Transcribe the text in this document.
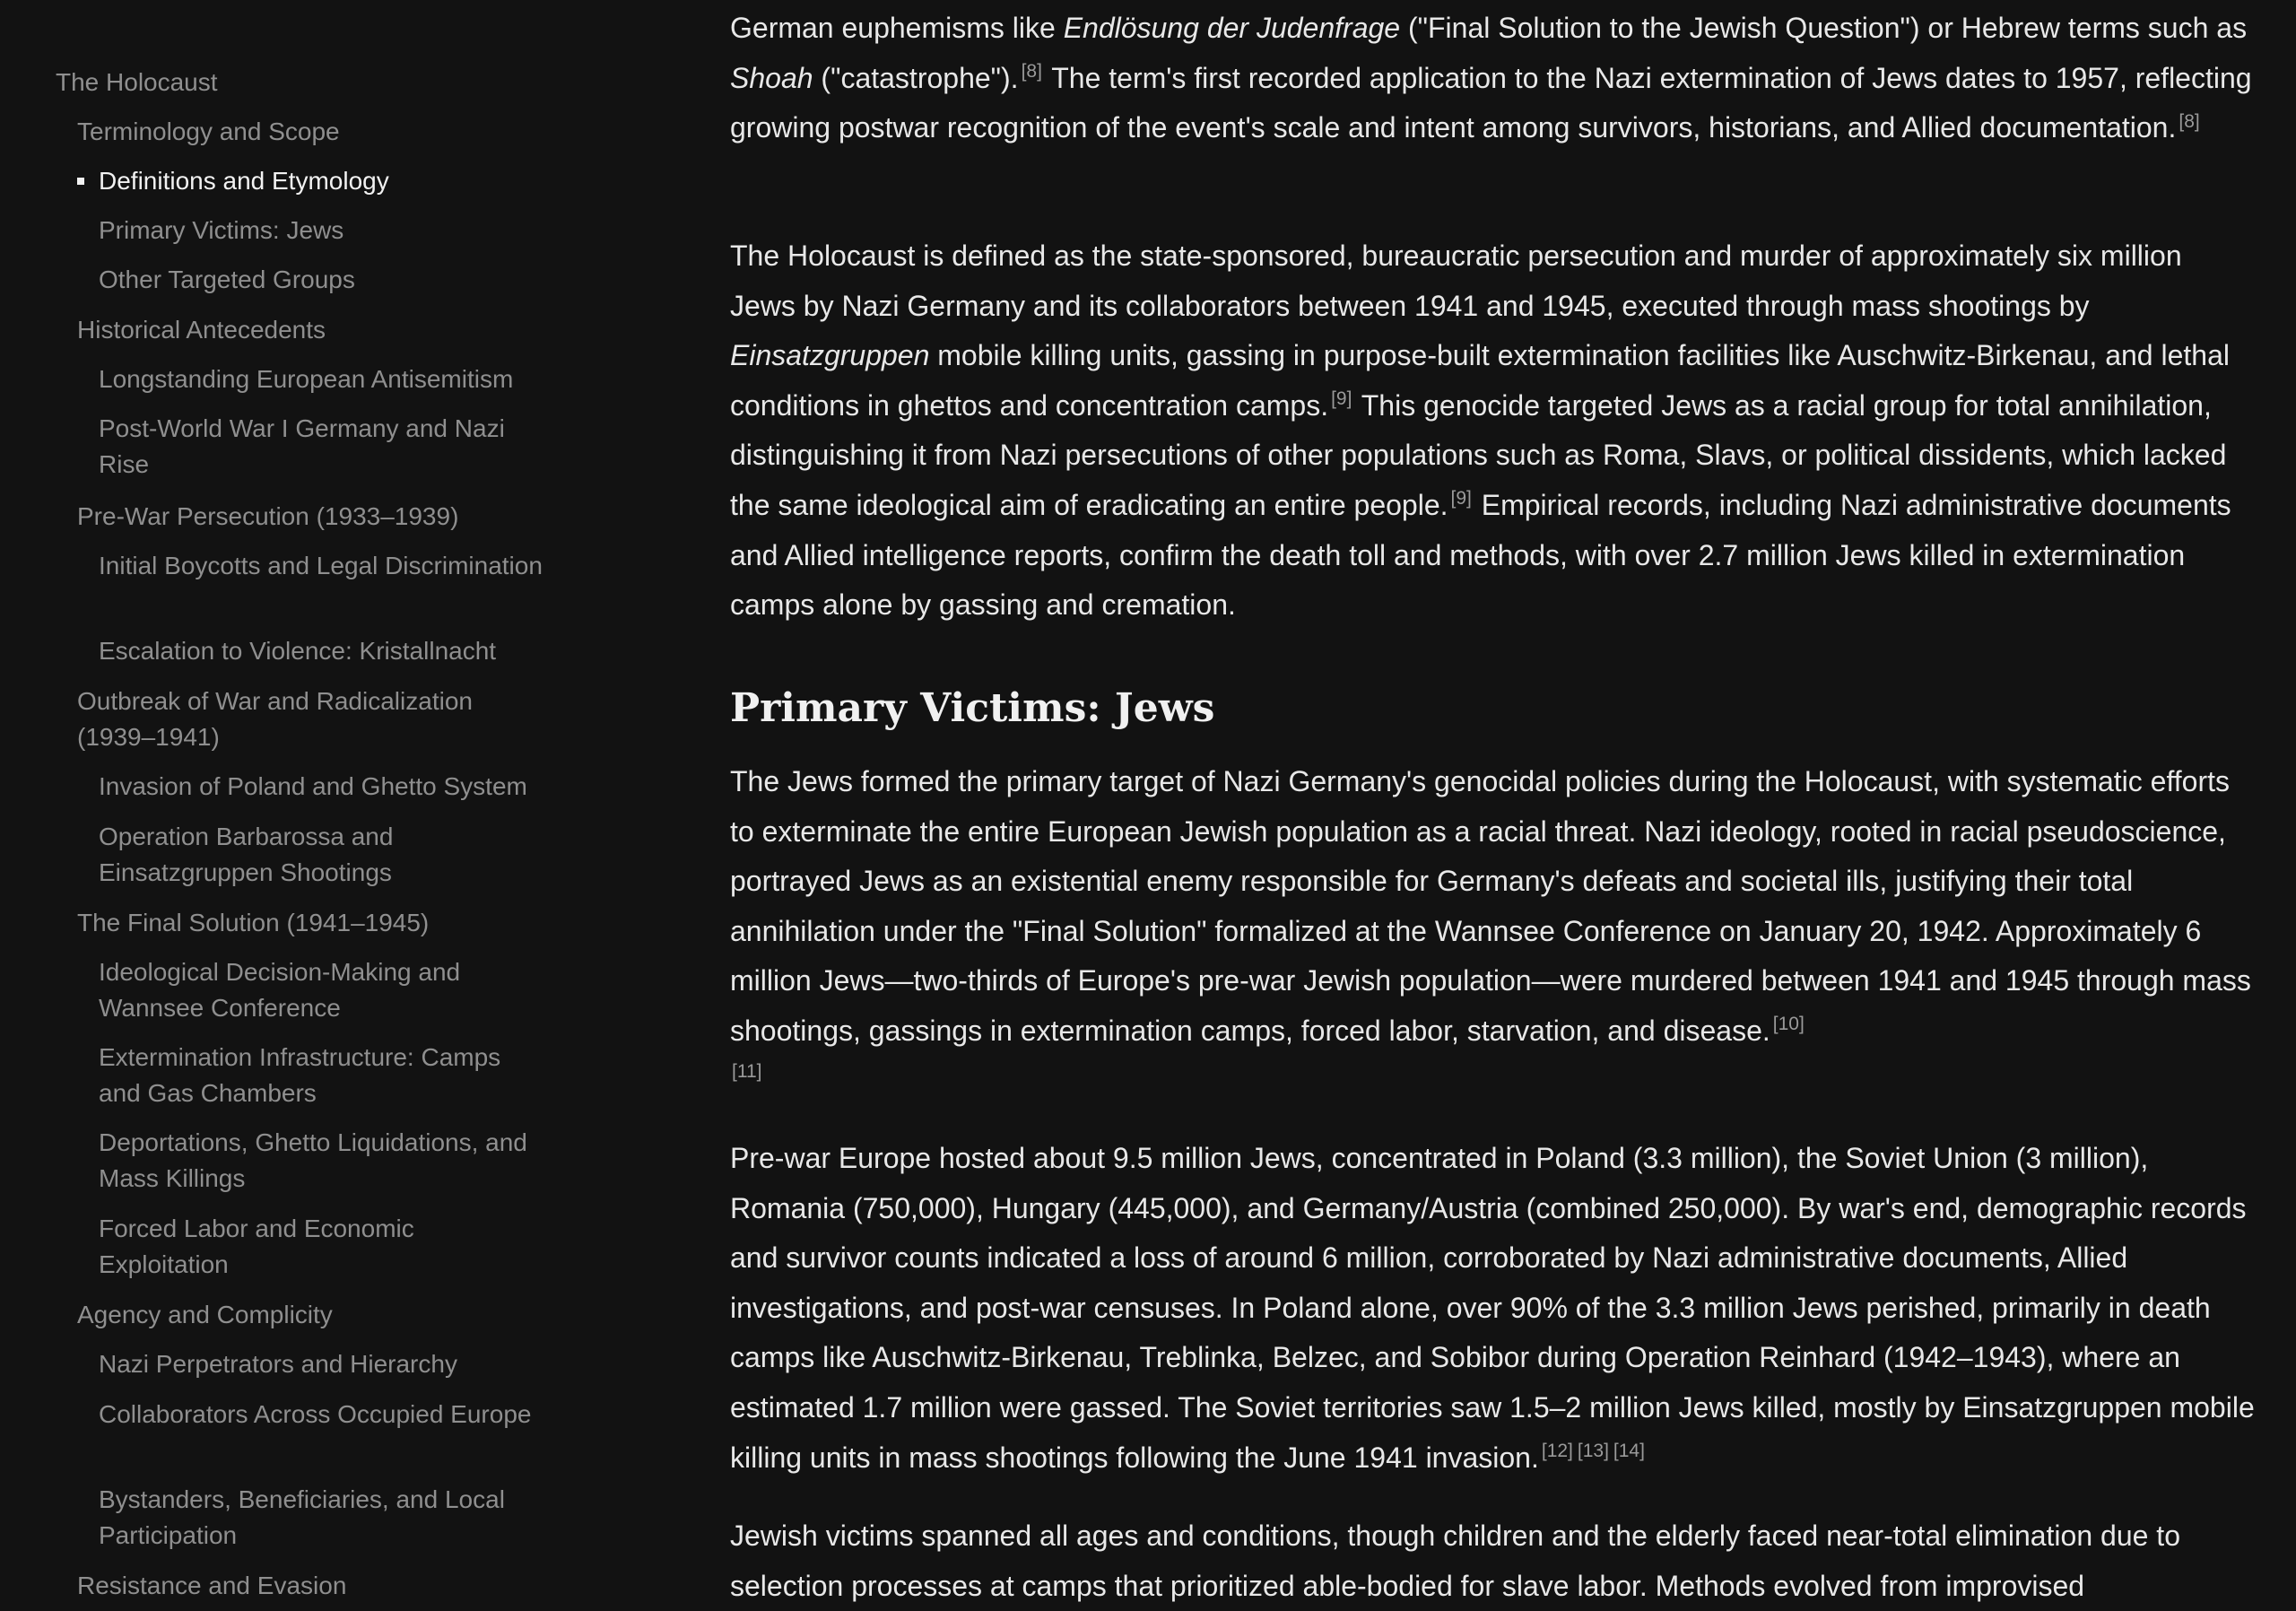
The Holocaust
Terminology and Scope
Definitions and Etymology
Primary Victims: Jews
Other Targeted Groups
Historical Antecedents
Longstanding European Antisemitism
Post-World War I Germany and Nazi Rise
Pre-War Persecution (1933–1939)
Initial Boycotts and Legal Discrimination
Escalation to Violence: Kristallnacht
Outbreak of War and Radicalization (1939–1941)
Invasion of Poland and Ghetto System
Operation Barbarossa and Einsatzgruppen Shootings
The Final Solution (1941–1945)
Ideological Decision-Making and Wannsee Conference
Extermination Infrastructure: Camps and Gas Chambers
Deportations, Ghetto Liquidations, and Mass Killings
Forced Labor and Economic Exploitation
Agency and Complicity
Nazi Perpetrators and Hierarchy
Collaborators Across Occupied Europe
Bystanders, Beneficiaries, and Local Participation
Resistance and Evasion

German euphemisms like Endlösung der Judenfrage ("Final Solution to the Jewish Question") or Hebrew terms such as Shoah ("catastrophe"). [8] The term's first recorded application to the Nazi extermination of Jews dates to 1957, reflecting growing postwar recognition of the event's scale and intent among survivors, historians, and Allied documentation. [8]

The Holocaust is defined as the state-sponsored, bureaucratic persecution and murder of approximately six million Jews by Nazi Germany and its collaborators between 1941 and 1945, executed through mass shootings by Einsatzgruppen mobile killing units, gassing in purpose-built extermination facilities like Auschwitz-Birkenau, and lethal conditions in ghettos and concentration camps. [9] This genocide targeted Jews as a racial group for total annihilation, distinguishing it from Nazi persecutions of other populations such as Roma, Slavs, or political dissidents, which lacked the same ideological aim of eradicating an entire people. [9] Empirical records, including Nazi administrative documents and Allied intelligence reports, confirm the death toll and methods, with over 2.7 million Jews killed in extermination camps alone by gassing and cremation.

Primary Victims: Jews

The Jews formed the primary target of Nazi Germany's genocidal policies during the Holocaust, with systematic efforts to exterminate the entire European Jewish population as a racial threat. Nazi ideology, rooted in racial pseudoscience, portrayed Jews as an existential enemy responsible for Germany's defeats and societal ills, justifying their total annihilation under the "Final Solution" formalized at the Wannsee Conference on January 20, 1942. Approximately 6 million Jews—two-thirds of Europe's pre-war Jewish population—were murdered between 1941 and 1945 through mass shootings, gassings in extermination camps, forced labor, starvation, and disease. [10]

[11]

Pre-war Europe hosted about 9.5 million Jews, concentrated in Poland (3.3 million), the Soviet Union (3 million), Romania (750,000), Hungary (445,000), and Germany/Austria (combined 250,000). By war's end, demographic records and survivor counts indicated a loss of around 6 million, corroborated by Nazi administrative documents, Allied investigations, and post-war censuses. In Poland alone, over 90% of the 3.3 million Jews perished, primarily in death camps like Auschwitz-Birkenau, Treblinka, Belzec, and Sobibor during Operation Reinhard (1942–1943), where an estimated 1.7 million were gassed. The Soviet territories saw 1.5–2 million Jews killed, mostly by Einsatzgruppen mobile killing units in mass shootings following the June 1941 invasion. [12] [13] [14]

Jewish victims spanned all ages and conditions, though children and the elderly faced near-total elimination due to selection processes at camps that prioritized able-bodied for slave labor. Methods evolved from improvised
